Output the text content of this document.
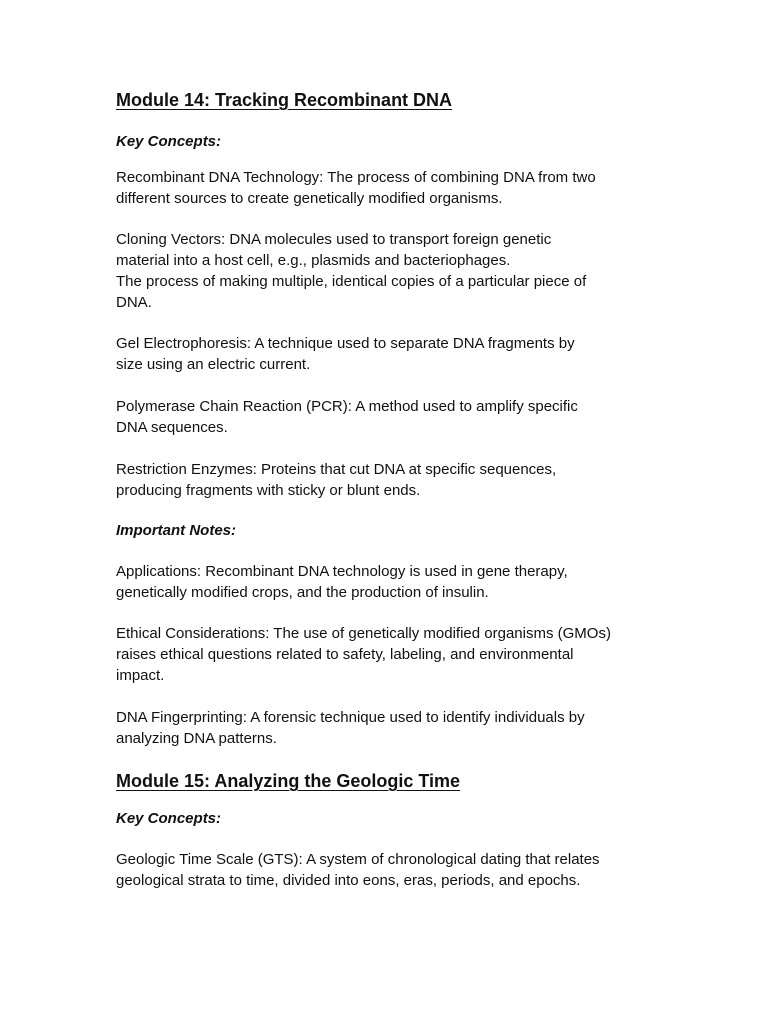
Module 14: Tracking Recombinant DNA

Key Concepts:

Recombinant DNA Technology: The process of combining DNA from two
different sources to create genetically modified organisms.

Cloning Vectors: DNA molecules used to transport foreign genetic
material into a host cell, e.g., plasmids and bacteriophages.
The process of making multiple, identical copies of a particular piece of
DNA.

Gel Electrophoresis: A technique used to separate DNA fragments by
size using an electric current.

Polymerase Chain Reaction (PCR): A method used to amplify specific
DNA sequences.

Restriction Enzymes: Proteins that cut DNA at specific sequences,
producing fragments with sticky or blunt ends.

Important Notes:

Applications: Recombinant DNA technology is used in gene therapy,
genetically modified crops, and the production of insulin.

Ethical Considerations: The use of genetically modified organisms (GMOs)
raises ethical questions related to safety, labeling, and environmental
impact.

DNA Fingerprinting: A forensic technique used to identify individuals by
analyzing DNA patterns.

Module 15: Analyzing the Geologic Time

Key Concepts:

Geologic Time Scale (GTS): A system of chronological dating that relates
geological strata to time, divided into eons, eras, periods, and epochs.
